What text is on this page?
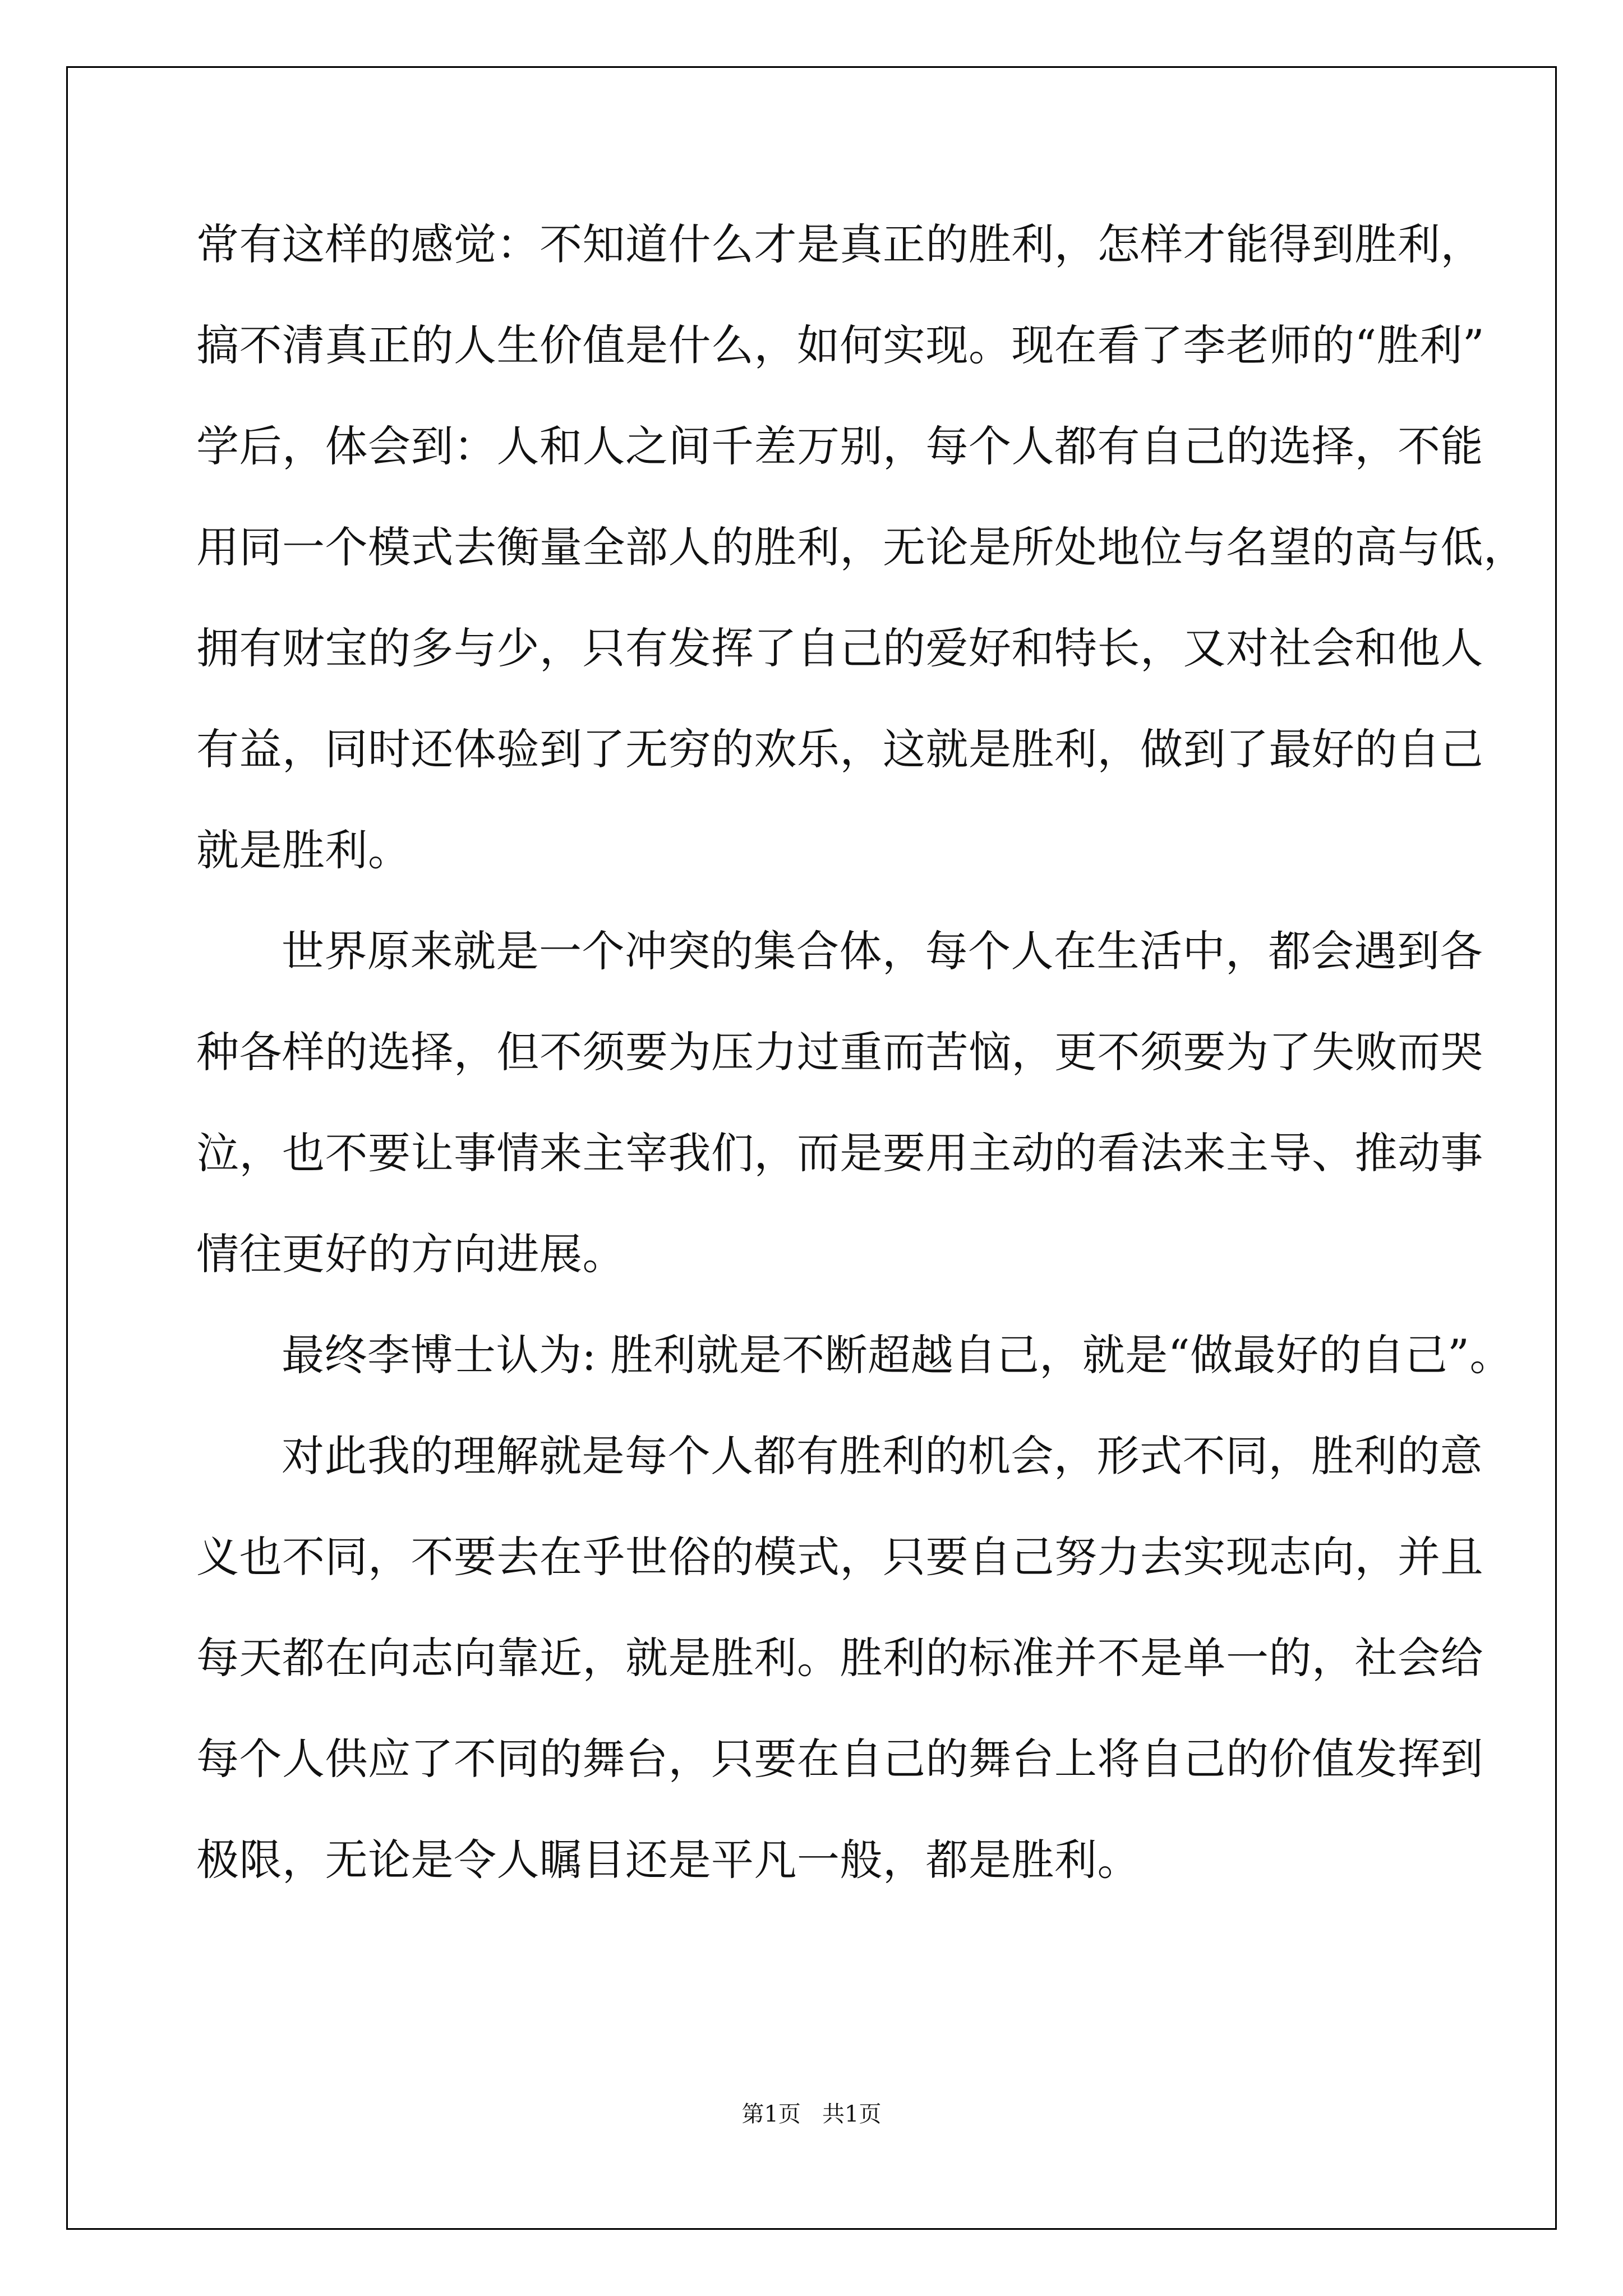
常有这样的感觉：不知道什么才是真正的胜利，怎样才能得到胜利，
搞不清真正的人生价值是什么，如何实现。现在看了李老师的“胜利”
学后，体会到：人和人之间千差万别，每个人都有自己的选择，不能
用同一个模式去衡量全部人的胜利，无论是所处地位与名望的高与低，
拥有财宝的多与少，只有发挥了自己的爱好和特长，又对社会和他人
有益，同时还体验到了无穷的欢乐，这就是胜利，做到了最好的自己
就是胜利。
世界原来就是一个冲突的集合体，每个人在生活中，都会遇到各
种各样的选择，但不须要为压力过重而苦恼，更不须要为了失败而哭
泣，也不要让事情来主宰我们，而是要用主动的看法来主导、推动事
情往更好的方向进展。
最终李博士认为: 胜利就是不断超越自己，就是“做最好的自己”。
对此我的理解就是每个人都有胜利的机会，形式不同，胜利的意
义也不同，不要去在乎世俗的模式，只要自己努力去实现志向，并且
每天都在向志向靠近，就是胜利。胜利的标准并不是单一的，社会给
每个人供应了不同的舞台，只要在自己的舞台上将自己的价值发挥到
极限，无论是令人瞩目还是平凡一般，都是胜利。
第1页   共1页
